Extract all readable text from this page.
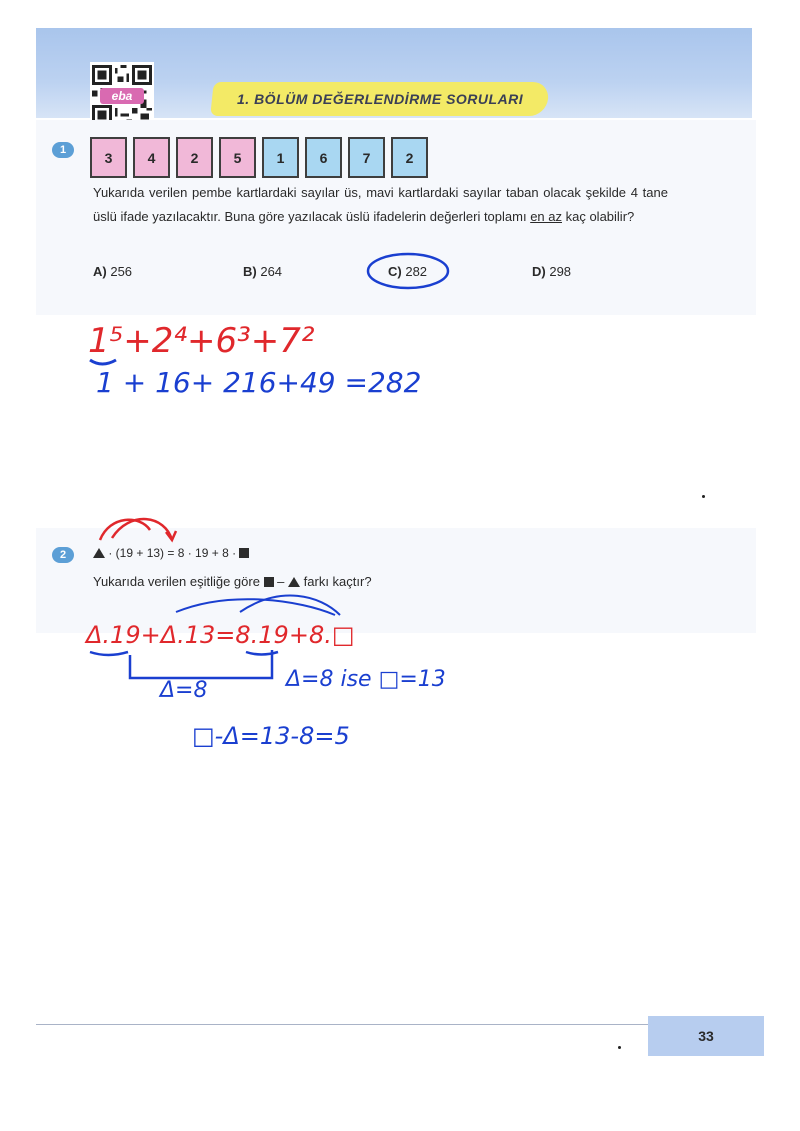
eba	1. BÖLÜM DEĞERLENDİRME SORULARI
1	3	4	2	5	1	6	7	2
Yukarıda verilen pembe kartlardaki sayılar üs, mavi kartlardaki sayılar taban olacak şekilde 4 tane üslü ifade yazılacaktır. Buna göre yazılacak üslü ifadelerin değerleri toplamı en az kaç olabilir?
A) 256	B) 264	C) 282	D) 298
2	· (19 + 13) = 8 · 19 + 8 ·
Yukarıda verilen eşitliğe göre  –  farkı kaçtır?
1⁵+2⁴+6³+7²
1 + 16+ 216+49 =282
Δ.19+Δ.13=8.19+8.□
Δ=8	Δ=8 ise □=13
□-Δ=13-8=5
33
